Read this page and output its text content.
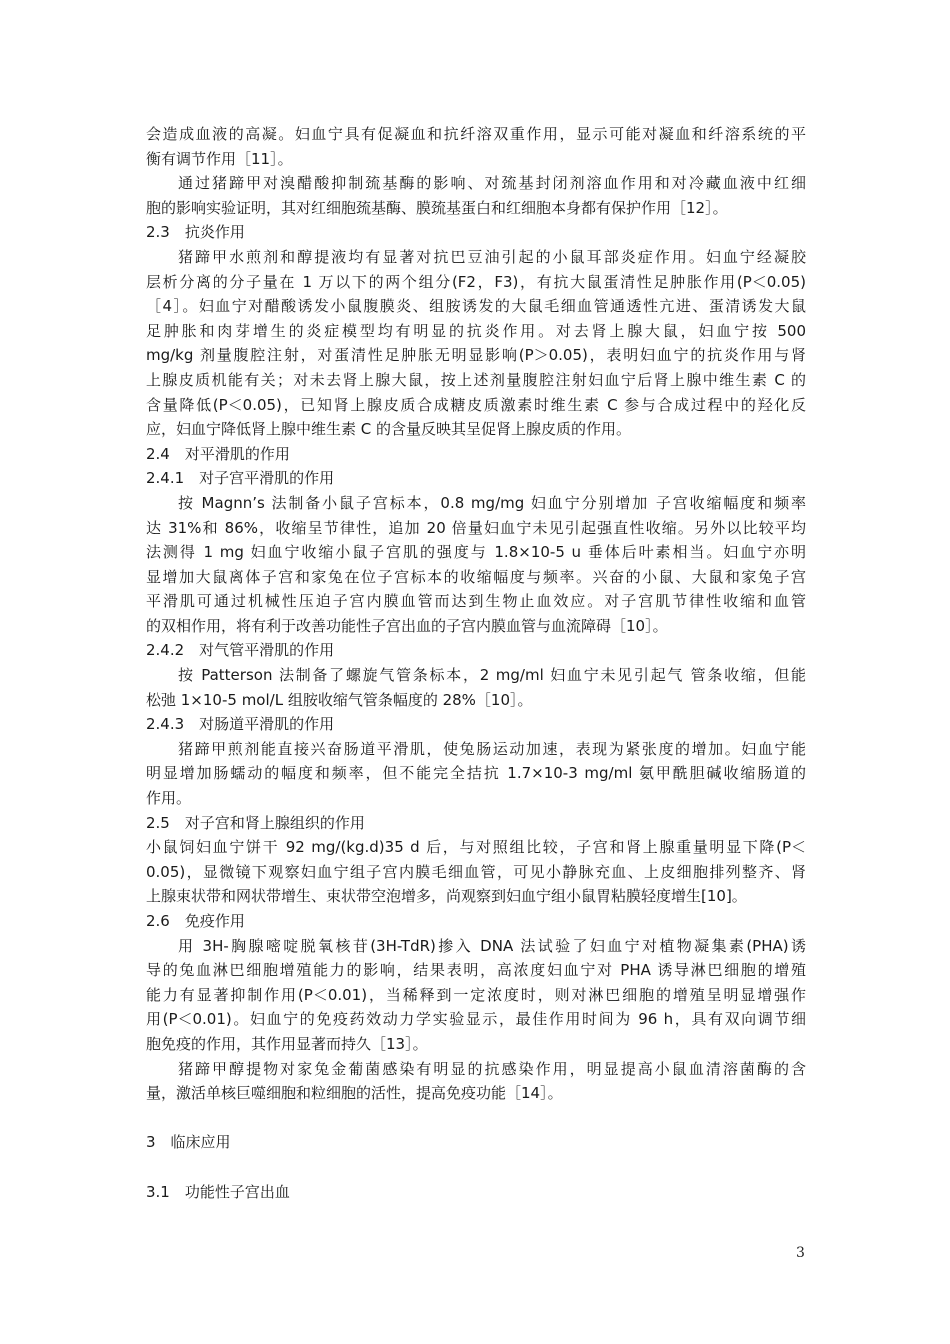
会造成血液的高凝。妇血宁具有促凝血和抗纤溶双重作用，显示可能对凝血和纤溶系统的平
衡有调节作用［11］。
通过猪蹄甲对溴醋酸抑制巯基酶的影响、对巯基封闭剂溶血作用和对冷藏血液中红细
胞的影响实验证明，其对红细胞巯基酶、膜巯基蛋白和红细胞本身都有保护作用［12］。
2.3　抗炎作用
猪蹄甲水煎剂和醇提液均有显著对抗巴豆油引起的小鼠耳部炎症作用。妇血宁经凝胶
层析分离的分子量在 1 万以下的两个组分(F2，F3)，有抗大鼠蛋清性足肿胀作用(P＜0.05)
［4］。妇血宁对醋酸诱发小鼠腹膜炎、组胺诱发的大鼠毛细血管通透性亢进、蛋清诱发大鼠
足肿胀和肉芽增生的炎症模型均有明显的抗炎作用。对去肾上腺大鼠，妇血宁按 500
mg/kg 剂量腹腔注射，对蛋清性足肿胀无明显影响(P＞0.05)，表明妇血宁的抗炎作用与肾
上腺皮质机能有关；对未去肾上腺大鼠，按上述剂量腹腔注射妇血宁后肾上腺中维生素 C 的
含量降低(P＜0.05)，已知肾上腺皮质合成糖皮质激素时维生素 C 参与合成过程中的羟化反
应，妇血宁降低肾上腺中维生素 C 的含量反映其呈促肾上腺皮质的作用。
2.4　对平滑肌的作用
2.4.1　对子宫平滑肌的作用
按 Magnn’s 法制备小鼠子宫标本，0.8 mg/mg 妇血宁分别增加 子宫收缩幅度和频率
达 31%和 86%，收缩呈节律性，追加 20 倍量妇血宁未见引起强直性收缩。另外以比较平均
法测得 1 mg 妇血宁收缩小鼠子宫肌的强度与 1.8×10-5 u 垂体后叶素相当。妇血宁亦明
显增加大鼠离体子宫和家兔在位子宫标本的收缩幅度与频率。兴奋的小鼠、大鼠和家兔子宫
平滑肌可通过机械性压迫子宫内膜血管而达到生物止血效应。对子宫肌节律性收缩和血管
的双相作用，将有利于改善功能性子宫出血的子宫内膜血管与血流障碍［10］。
2.4.2　对气管平滑肌的作用
按 Patterson 法制备了螺旋气管条标本，2 mg/ml 妇血宁未见引起气 管条收缩，但能
松弛 1×10-5 mol/L 组胺收缩气管条幅度的 28%［10］。
2.4.3　对肠道平滑肌的作用
猪蹄甲煎剂能直接兴奋肠道平滑肌，使兔肠运动加速，表现为紧张度的增加。妇血宁能
明显增加肠蠕动的幅度和频率，但不能完全拮抗 1.7×10-3 mg/ml 氨甲酰胆碱收缩肠道的
作用。
2.5　对子宫和肾上腺组织的作用
小鼠饲妇血宁饼干 92 mg/(kg.d)35 d 后，与对照组比较，子宫和肾上腺重量明显下降(P＜
0.05)，显微镜下观察妇血宁组子宫内膜毛细血管，可见小静脉充血、上皮细胞排列整齐、肾
上腺束状带和网状带增生、束状带空泡增多，尚观察到妇血宁组小鼠胃粘膜轻度增生[10]。
2.6　免疫作用
用 3H-胸腺嘧啶脱氧核苷(3H-TdR)掺入 DNA 法试验了妇血宁对植物凝集素(PHA)诱
导的兔血淋巴细胞增殖能力的影响，结果表明，高浓度妇血宁对 PHA 诱导淋巴细胞的增殖
能力有显著抑制作用(P＜0.01)，当稀释到一定浓度时，则对淋巴细胞的增殖呈明显增强作
用(P＜0.01)。妇血宁的免疫药效动力学实验显示，最佳作用时间为 96 h，具有双向调节细
胞免疫的作用，其作用显著而持久［13］。
猪蹄甲醇提物对家兔金葡菌感染有明显的抗感染作用，明显提高小鼠血清溶菌酶的含
量，激活单核巨噬细胞和粒细胞的活性，提高免疫功能［14］。
3　临床应用
3.1　功能性子宫出血
3
